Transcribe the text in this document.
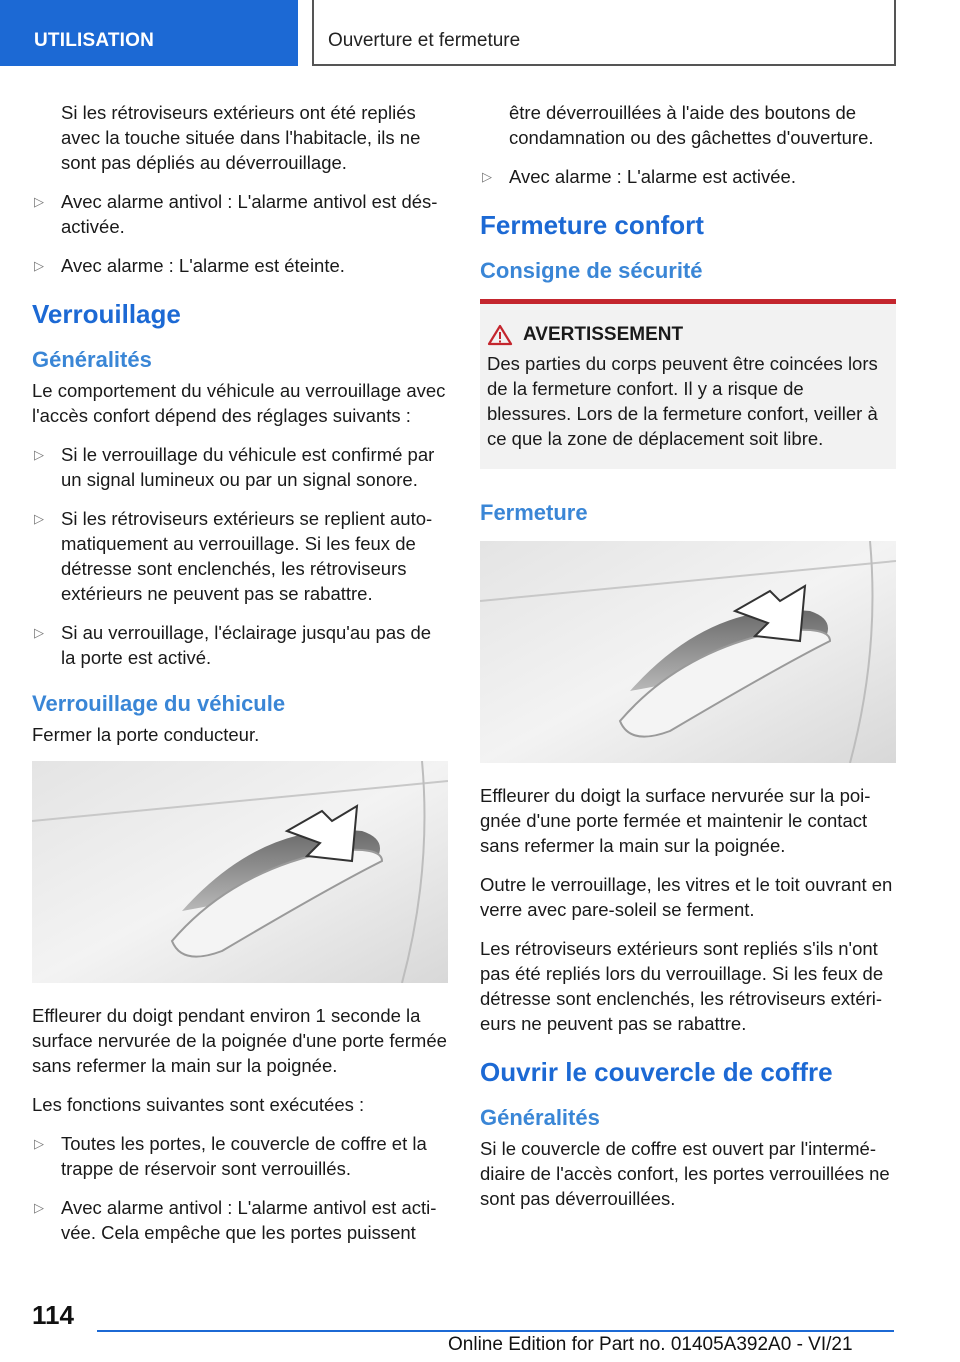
UTILISATION	Ouverture et fermeture

Si les rétroviseurs extérieurs ont été repliés avec la touche située dans l'habitacle, ils ne sont pas dépliés au déverrouillage.

▷ Avec alarme antivol : L'alarme antivol est désactivée.
▷ Avec alarme : L'alarme est éteinte.
Verrouillage
Généralités

Le comportement du véhicule au verrouillage avec l'accès confort dépend des réglages suivants :

▷ Si le verrouillage du véhicule est confirmé par un signal lumineux ou par un signal sonore.
▷ Si les rétroviseurs extérieurs se replient automatiquement au verrouillage. Si les feux de détresse sont enclenchés, les rétroviseurs extérieurs ne peuvent pas se rabattre.
▷ Si au verrouillage, l'éclairage jusqu'au pas de la porte est activé.
Verrouillage du véhicule

Fermer la porte conducteur.

Effleurer du doigt pendant environ 1 seconde la surface nervurée de la poignée d'une porte fermée sans refermer la main sur la poignée.

Les fonctions suivantes sont exécutées :

▷ Toutes les portes, le couvercle de coffre et la trappe de réservoir sont verrouillés.
▷ Avec alarme antivol : L'alarme antivol est activée. Cela empêche que les portes puissent

être déverrouillées à l'aide des boutons de condamnation ou des gâchettes d'ouverture.

▷ Avec alarme : L'alarme est activée.
Fermeture confort
Consigne de sécurité
AVERTISSEMENT

Des parties du corps peuvent être coincées lors de la fermeture confort. Il y a risque de blessures. Lors de la fermeture confort, veiller à ce que la zone de déplacement soit libre.

Fermeture

Effleurer du doigt la surface nervurée sur la poignée d'une porte fermée et maintenir le contact sans refermer la main sur la poignée.

Outre le verrouillage, les vitres et le toit ouvrant en verre avec pare-soleil se ferment.

Les rétroviseurs extérieurs sont repliés s'ils n'ont pas été repliés lors du verrouillage. Si les feux de détresse sont enclenchés, les rétroviseurs extérieurs ne peuvent pas se rabattre.

Ouvrir le couvercle de coffre
Généralités

Si le couvercle de coffre est ouvert par l'intermédiaire de l'accès confort, les portes verrouillées ne sont pas déverrouillées.

114
Online Edition for Part no. 01405A392A0 - VI/21
